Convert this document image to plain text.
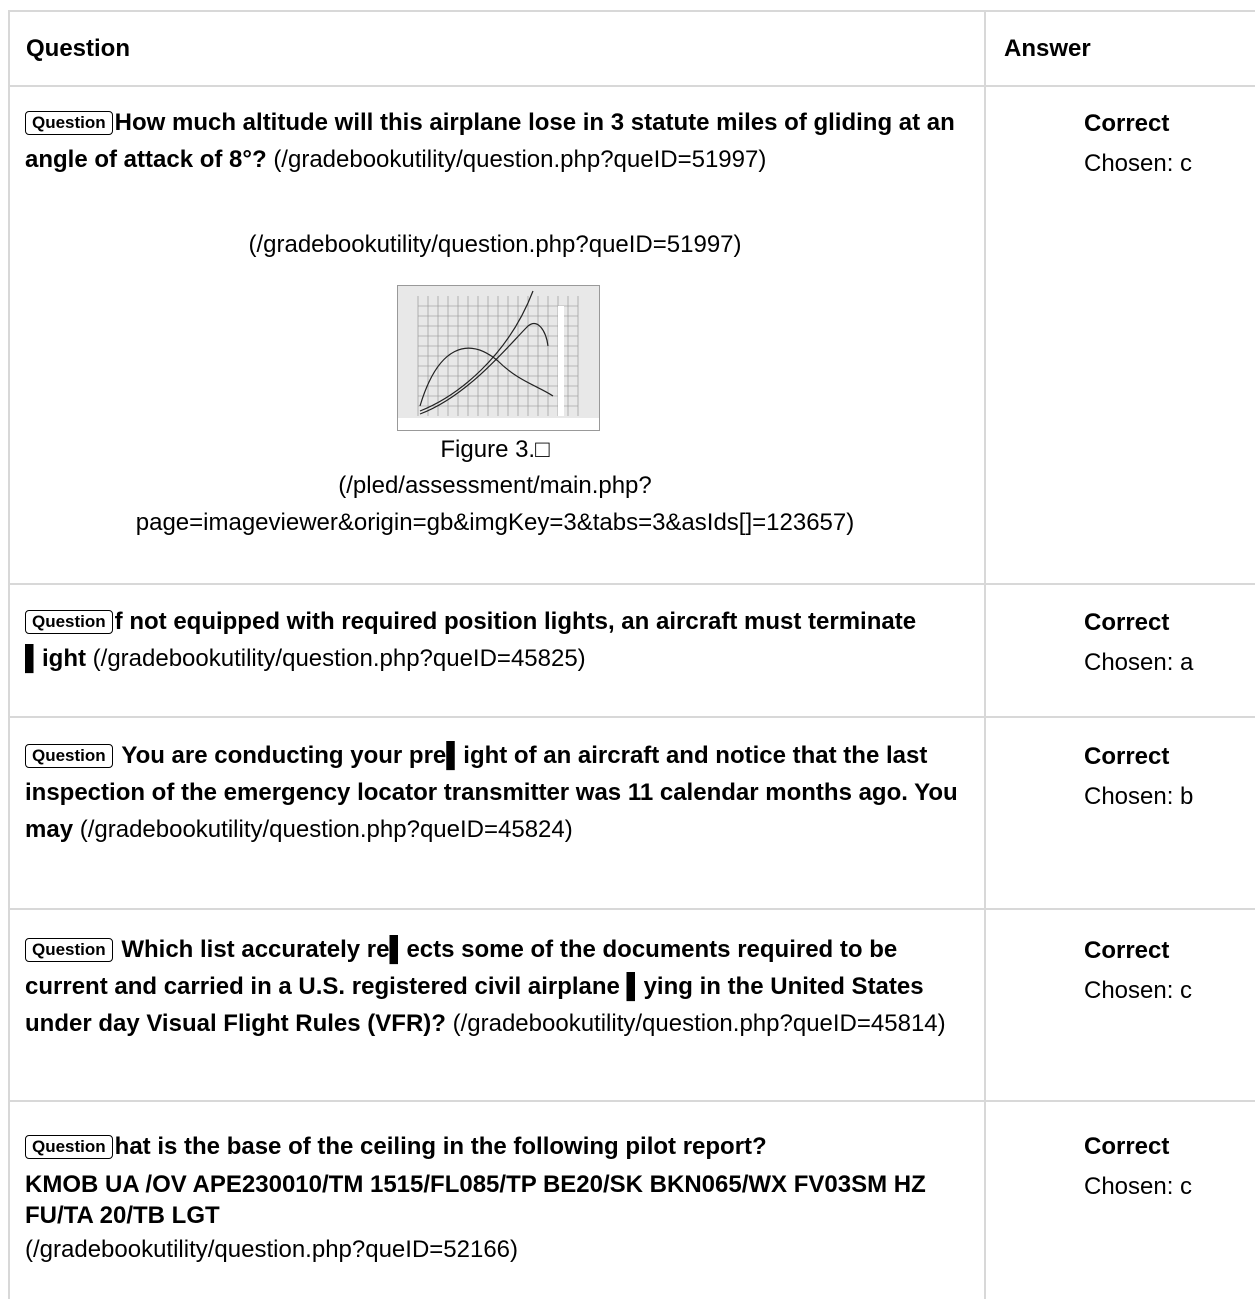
Question	Answer
Question How much altitude will this airplane lose in 3 statute miles of gliding at an angle of attack of 8°? (/gradebookutility/question.php?queID=51997)
(/gradebookutility/question.php?queID=51997)
Figure 3.□
(/pled/assessment/main.php?page=imageviewer&origin=gb&imgKey=3&tabs=3&asIds[]=123657)
Correct
Chosen: c
Question f not equipped with required position lights, an aircraft must terminate ▌ight (/gradebookutility/question.php?queID=45825)
Correct
Chosen: a
Question You are conducting your pre▌ight of an aircraft and notice that the last inspection of the emergency locator transmitter was 11 calendar months ago. You may (/gradebookutility/question.php?queID=45824)
Correct
Chosen: b
Question Which list accurately re▌ects some of the documents required to be current and carried in a U.S. registered civil airplane ▌ying in the United States under day Visual Flight Rules (VFR)? (/gradebookutility/question.php?queID=45814)
Correct
Chosen: c
Question hat is the base of the ceiling in the following pilot report?
KMOB UA /OV APE230010/TM 1515/FL085/TP BE20/SK BKN065/WX FV03SM HZ FU/TA 20/TB LGT
(/gradebookutility/question.php?queID=52166)
Correct
Chosen: c
